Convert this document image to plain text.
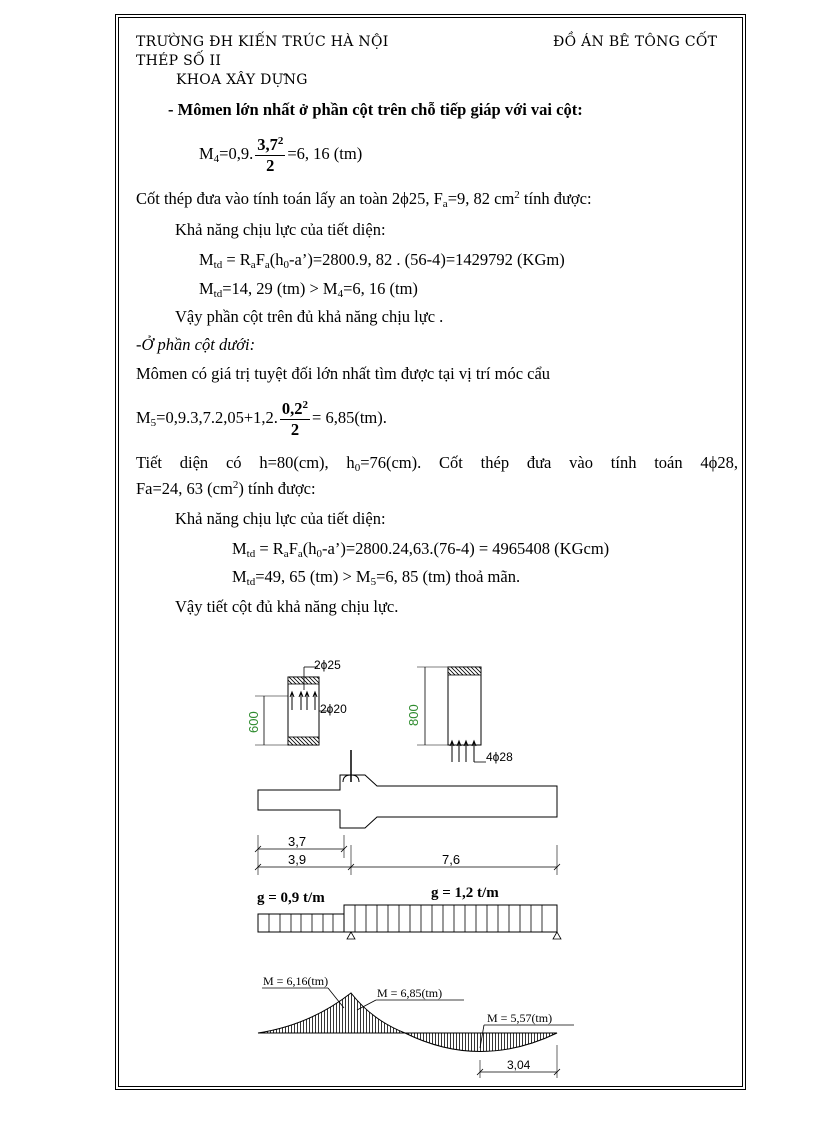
TRƯỜNG ĐH KIẾN TRÚC HÀ NỘI	ĐỒ ÁN BÊ TÔNG CỐT
THÉP SỐ II
KHOA XÂY DỰNG
- Mômen lớn nhất ở phần cột trên chỗ tiếp giáp với vai cột:
$M_4=0,9$. $\frac{3,7^2}{2} =6$, 16 (tm)
Cốt thép đưa vào tính toán lấy an toàn 2ϕ25, $F_a=9$, 82 $cm^2$ tính được:
Khả năng chịu lực của tiết diện:
$M_{td}$ = $R_aF_a(h_0-a’)=2800.9$, 82 . (56-4)=1429792 (KGm)
$M_{td}=14$, 29 $(tm) > M_4=6$, 16 (tm)
Vậy phần cột trên đủ khả năng chịu lực .
-Ở phần cột dưới:
Mômen có giá trị tuyệt đối lớn nhất tìm được tại vị trí móc cẩu
$M_5=0,9.3,7.2,05+1,2$. $\frac{0,2^2}{2} = 6,85(tm)$.
Tiết diện có h=80(cm), $h_0=76(cm)$. Cốt thép đưa vào tính toán 4ϕ28,
Fa=24, 63 $(cm^2)$ tính được:
Khả năng chịu lực của tiết diện:
$M_{td}$ = $R_aF_a(h_0-a’)=2800.24,63.(76-4) = 4965408$ (KGcm)
$M_{td}=49$, 65 $(tm) > M_5=6$, 85 (tm) thoả mãn.
Vậy tiết cột đủ khả năng chịu lực.
2ϕ25
2ϕ20
600
4ϕ28
800
3,7
3,9	7,6
g = 0,9 t/m	g = 1,2 t/m
M = 6,16(tm)
M = 6,85(tm)
M = 5,57(tm)
3,04
